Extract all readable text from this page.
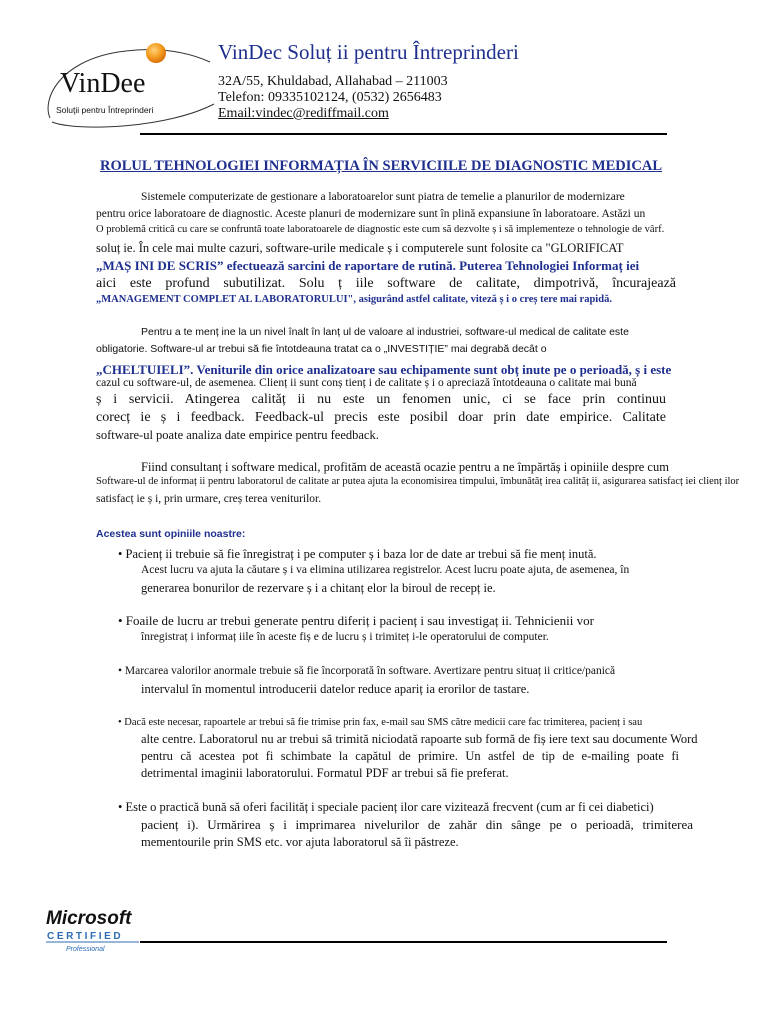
VinDee
Soluţii pentru Întreprinderi
VinDec Soluț ii pentru Întreprinderi
32A/55, Khuldabad, Allahabad – 211003
Telefon: 09335102124, (0532) 2656483
Email:vindec@rediffmail.com
ROLUL TEHNOLOGIEI INFORMAȚIA ÎN SERVICIILE DE DIAGNOSTIC MEDICAL
Sistemele computerizate de gestionare a laboratoarelor sunt piatra de temelie a planurilor de modernizare
pentru orice laboratoare de diagnostic. Aceste planuri de modernizare sunt în plină expansiune în laboratoare. Astăzi un
O problemă critică cu care se confruntă toate laboratoarele de diagnostic este cum să dezvolte ș i să implementeze o tehnologie de vârf.
soluț ie. În cele mai multe cazuri, software-urile medicale ș i computerele sunt folosite ca "GLORIFICAT
„MAȘ INI DE SCRIS” efectuează sarcini de raportare de rutină. Puterea Tehnologiei Informaț iei
aici este profund subutilizat. Solu ț iile software de calitate, dimpotrivă, încurajează
„MANAGEMENT COMPLET AL LABORATORULUI", asigurând astfel calitate, viteză ș i o creș tere mai rapidă.
Pentru a te menț ine la un nivel înalt în lanț ul de valoare al industriei, software-ul medical de calitate este
obligatorie. Software-ul ar trebui să fie întotdeauna tratat ca o „INVESTIȚIE” mai degrabă decât o
„CHELTUIELI”. Veniturile din orice analizatoare sau echipamente sunt obț inute pe o perioadă, ș i este
cazul cu software-ul, de asemenea. Clienț ii sunt conș tienț i de calitate ș i o apreciază întotdeauna o calitate mai bună
ș i servicii. Atingerea calităț ii nu este un fenomen unic, ci se face prin continuu
corecț ie ș i feedback. Feedback-ul precis este posibil doar prin date empirice. Calitate
software-ul poate analiza date empirice pentru feedback.
Fiind consultanț i software medical, profităm de această ocazie pentru a ne împărtăș i opiniile despre cum
Software-ul de informaț ii pentru laboratorul de calitate ar putea ajuta la economisirea timpului, îmbunătăț irea calităț ii, asigurarea satisfacț iei clienț ilor
satisfacț ie ș i, prin urmare, creș terea veniturilor.
Acestea sunt opiniile noastre:
• Pacienț ii trebuie să fie înregistraț i pe computer ș i baza lor de date ar trebui să fie menț inută.
Acest lucru va ajuta la căutare ș i va elimina utilizarea registrelor. Acest lucru poate ajuta, de asemenea, în
generarea bonurilor de rezervare ș i a chitanț elor la biroul de recepț ie.
• Foaile de lucru ar trebui generate pentru diferiț i pacienț i sau investigaț ii. Tehnicienii vor
înregistraț i informaț iile în aceste fiș e de lucru ș i trimiteț i-le operatorului de computer.
• Marcarea valorilor anormale trebuie să fie încorporată în software. Avertizare pentru situaț ii critice/panică
intervalul în momentul introducerii datelor reduce apariț ia erorilor de tastare.
• Dacă este necesar, rapoartele ar trebui să fie trimise prin fax, e-mail sau SMS către medicii care fac trimiterea, pacienț i sau
alte centre. Laboratorul nu ar trebui să trimită niciodată rapoarte sub formă de fiș iere text sau documente Word
pentru că acestea pot fi schimbate la capătul de primire. Un astfel de tip de e-mailing poate fi
detrimental imaginii laboratorului. Formatul PDF ar trebui să fie preferat.
• Este o practică bună să oferi facilităț i speciale pacienț ilor care vizitează frecvent (cum ar fi cei diabetici)
pacienț i). Urmărirea ș i imprimarea nivelurilor de zahăr din sânge pe o perioadă, trimiterea
mementourile prin SMS etc. vor ajuta laboratorul să îi păstreze.
Microsoft
CERTIFIED
Professional
